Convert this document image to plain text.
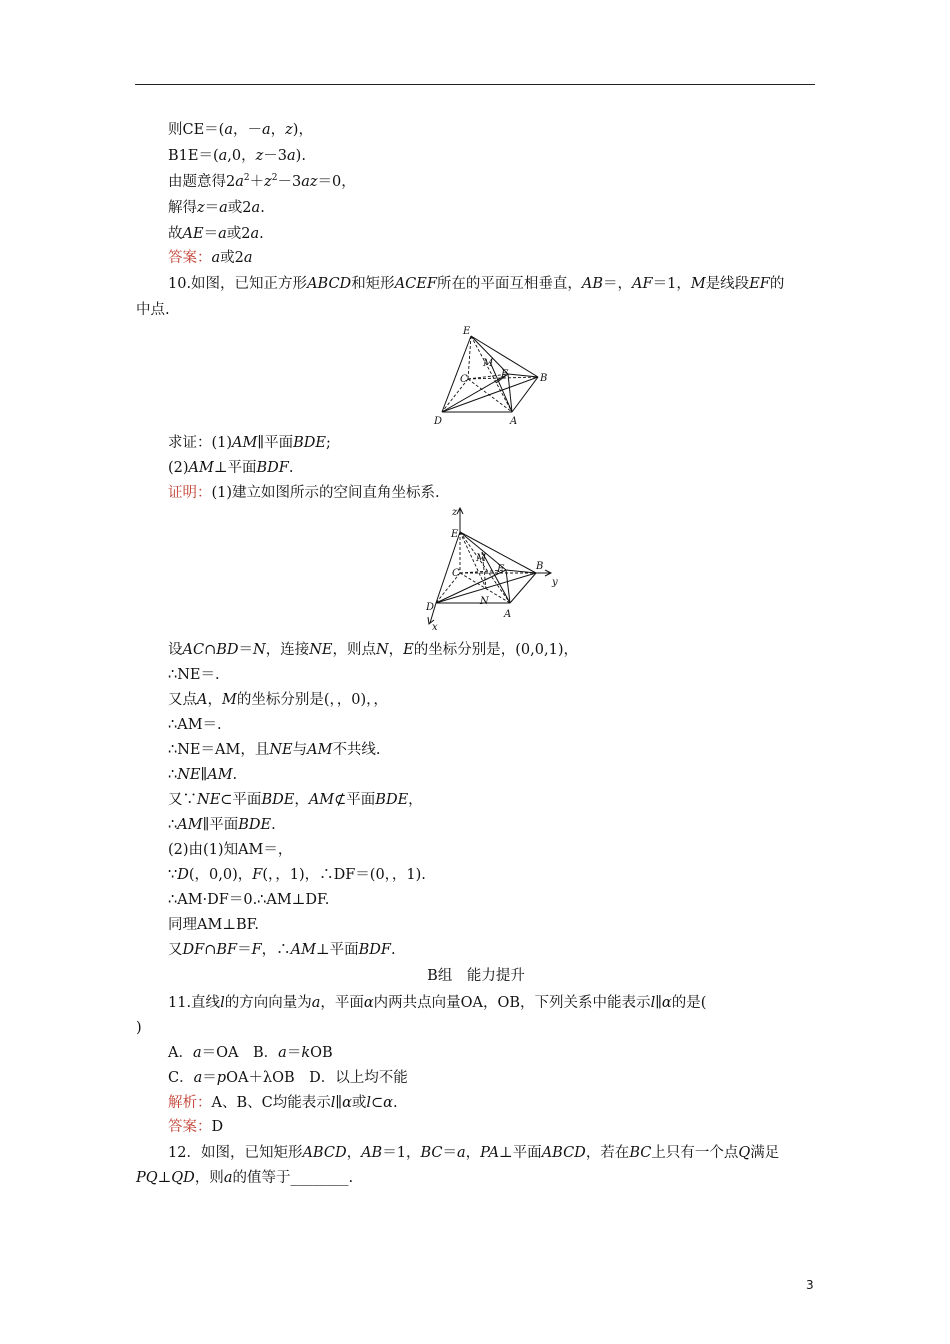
则CE＝(a，－a，z)，
B1E＝(a,0，z－3a).
由题意得$2a^2+z^2-3az=0$，
解得z＝a或2a.
故AE＝a或2a.
答案：a或2a
10.如图，已知正方形ABCD和矩形ACEF所在的平面互相垂直，AB＝，AF＝1，M是线段EF的
中点.
E
M
F
C	B
D	A
求证：(1)AM∥平面BDE;
(2)AM⊥平面BDF.
证明：(1)建立如图所示的空间直角坐标系.
z
E
M
F
C
B
y
N
D
A
x
设AC∩BD＝N，连接NE，则点N，E的坐标分别是，(0,0,1)，
∴NE＝.
又点A，M的坐标分别是(，，0)，，
∴AM＝.
∴NE＝AM，且NE与AM不共线.
∴NE∥AM.
又∵NE⊂平面BDE，AM⊄平面BDE，
∴AM∥平面BDE.
(2)由(1)知AM＝，
∵D(，0,0)，F(，，1)，∴DF＝(0，，1).
∴AM·DF＝0.∴AM⊥DF.
同理AM⊥BF.
又DF∩BF＝F，∴AM⊥平面BDF.
B组　能力提升
11.直线l的方向向量为a，平面α内两共点向量OA，OB，下列关系中能表示l∥α的是(
)
A．a＝OA　B．a＝kOB
C．a＝pOA＋λOB　D．以上均不能
解析：A、B、C均能表示l∥α或l⊂α.
答案：D
12．如图，已知矩形ABCD，AB＝1，BC＝a，PA⊥平面ABCD，若在BC上只有一个点Q满足
PQ⊥QD，则a的值等于________.
3
